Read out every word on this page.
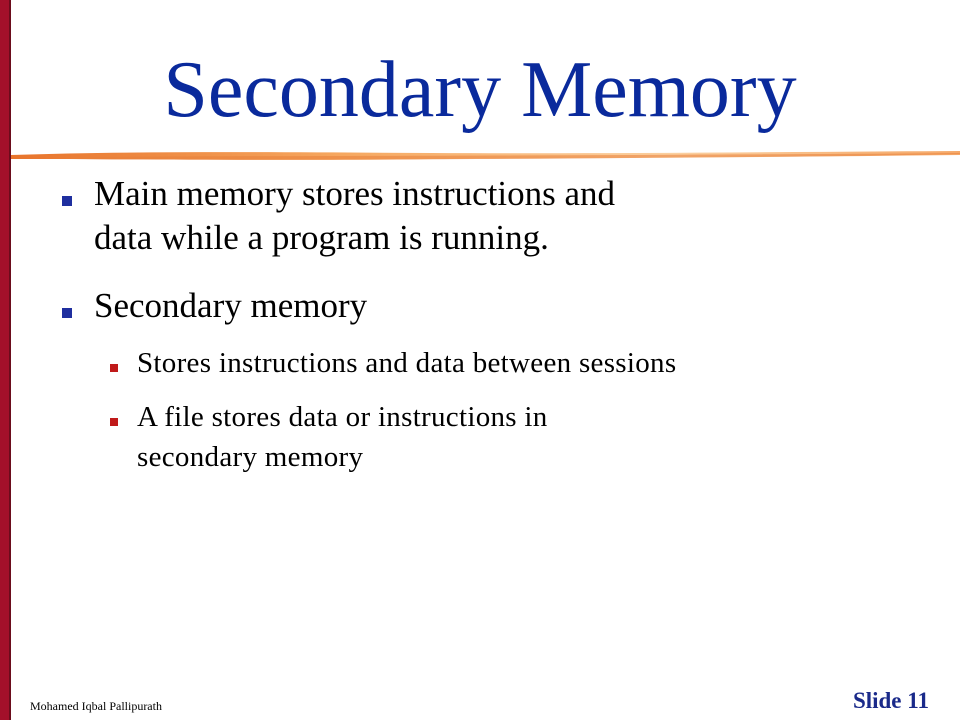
Secondary Memory
Main memory stores instructions and
data while a program is running.
Secondary memory
Stores instructions and data between sessions
A file stores data or instructions in
secondary memory
Mohamed Iqbal Pallipurath	Slide 11
